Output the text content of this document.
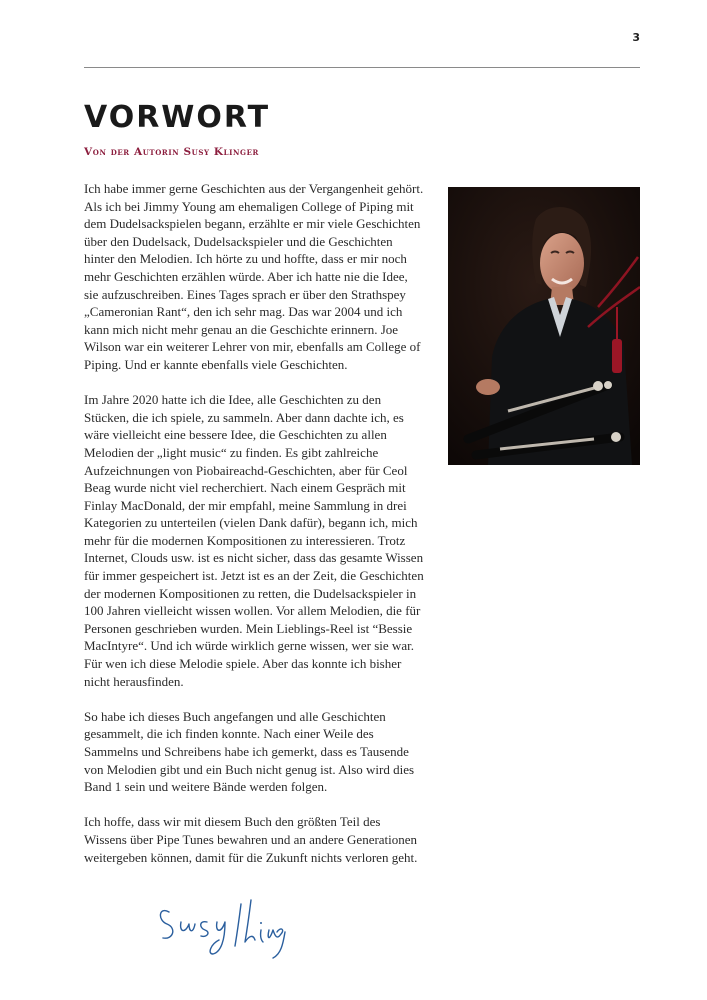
3
VORWORT
Von der Autorin Susy Klinger

Ich habe immer gerne Geschichten aus der Vergangenheit gehört. Als ich bei Jimmy Young am ehemaligen College of Piping mit dem Dudelsackspielen begann, erzählte er mir viele Geschichten über den Dudelsack, Dudelsackspieler und die Geschichten hinter den Melodien. Ich hörte zu und hoffte, dass er mir noch mehr Geschichten erzählen würde. Aber ich hatte nie die Idee, sie aufzuschreiben. Eines Tages sprach er über den Strathspey „Cameronian Rant“, den ich sehr mag. Das war 2004 und ich kann mich nicht mehr genau an die Geschichte erinnern. Joe Wilson war ein weiterer Lehrer von mir, ebenfalls am College of Piping. Und er kannte ebenfalls viele Geschichten.

Im Jahre 2020 hatte ich die Idee, alle Geschichten zu den Stücken, die ich spiele, zu sammeln. Aber dann dachte ich, es wäre vielleicht eine bessere Idee, die Geschichten zu allen Melodien der „light music“ zu finden. Es gibt zahlreiche Aufzeichnungen von Piobaireachd-Geschichten, aber für Ceol Beag wurde nicht viel recherchiert. Nach einem Gespräch mit Finlay MacDonald, der mir empfahl, meine Sammlung in drei Kategorien zu unterteilen (vielen Dank dafür), begann ich, mich mehr für die modernen Kompositionen zu interessieren. Trotz Internet, Clouds usw. ist es nicht sicher, dass das gesamte Wissen für immer gespeichert ist. Jetzt ist es an der Zeit, die Geschichten der modernen Kompositionen zu retten, die Dudelsackspieler in 100 Jahren vielleicht wissen wollen. Vor allem Melodien, die für Personen geschrieben wurden. Mein Lieblings-Reel ist “Bessie MacIntyre“. Und ich würde wirklich gerne wissen, wer sie war. Für wen ich diese Melodie spiele. Aber das konnte ich bisher nicht herausfinden.

So habe ich dieses Buch angefangen und alle Geschichten gesammelt, die ich finden konnte. Nach einer Weile des Sammelns und Schreibens habe ich gemerkt, dass es Tausende von Melodien gibt und ein Buch nicht genug ist. Also wird dies Band 1 sein und weitere Bände werden folgen.

Ich hoffe, dass wir mit diesem Buch den größten Teil des Wissens über Pipe Tunes bewahren und an andere Generationen weitergeben können, damit für die Zukunft nichts verloren geht.
